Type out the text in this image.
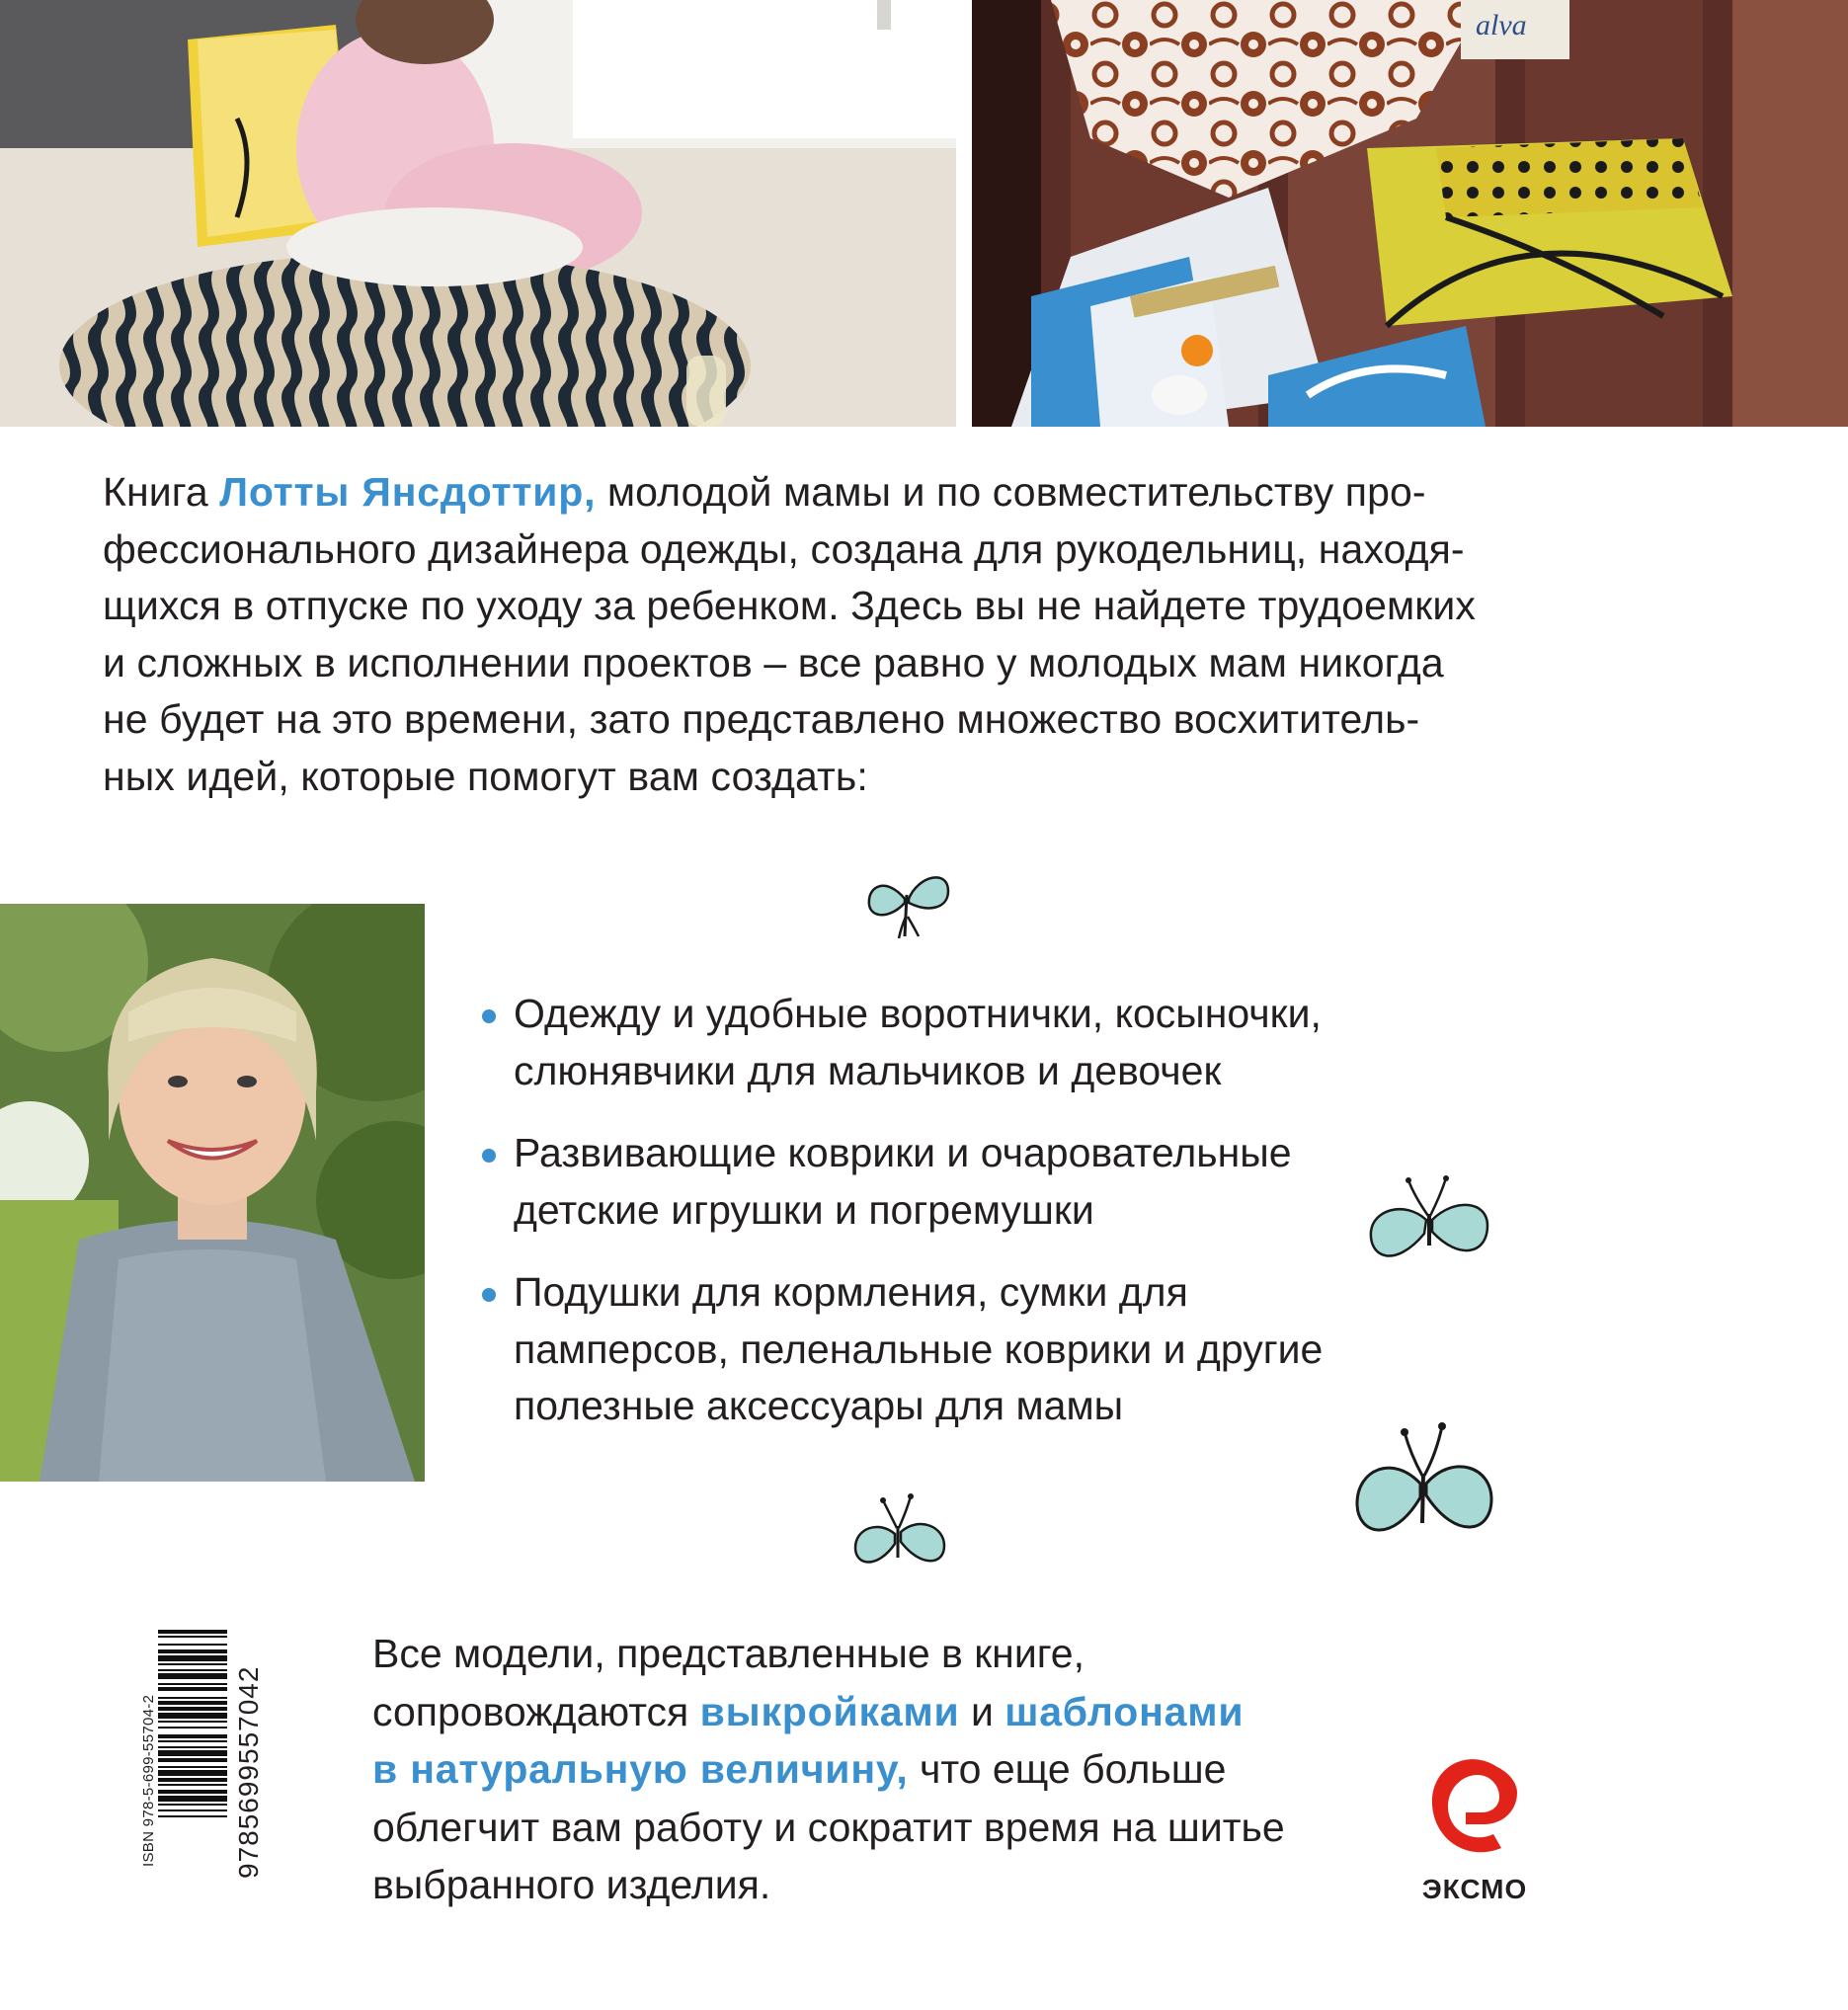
alva
Книга Лотты Янсдоттир, молодой мамы и по совместительству про-
фессионального дизайнера одежды, создана для рукодельниц, находя-
щихся в отпуске по уходу за ребенком. Здесь вы не найдете трудоемких
и сложных в исполнении проектов – все равно у молодых мам никогда
не будет на это времени, зато представлено множество восхититель-
ных идей, которые помогут вам создать:
Одежду и удобные воротнички, косыночки,
слюнявчики для мальчиков и девочек
Развивающие коврики и очаровательные
детские игрушки и погремушки
Подушки для кормления, сумки для
памперсов, пеленальные коврики и другие
полезные аксессуары для мамы
ISBN 978-5-699-55704-2	9785699557042
Все модели, представленные в книге,
сопровождаются выкройками и шаблонами
в натуральную величину, что еще больше
облегчит вам работу и сократит время на шитье
выбранного изделия.	ЭКСМО
